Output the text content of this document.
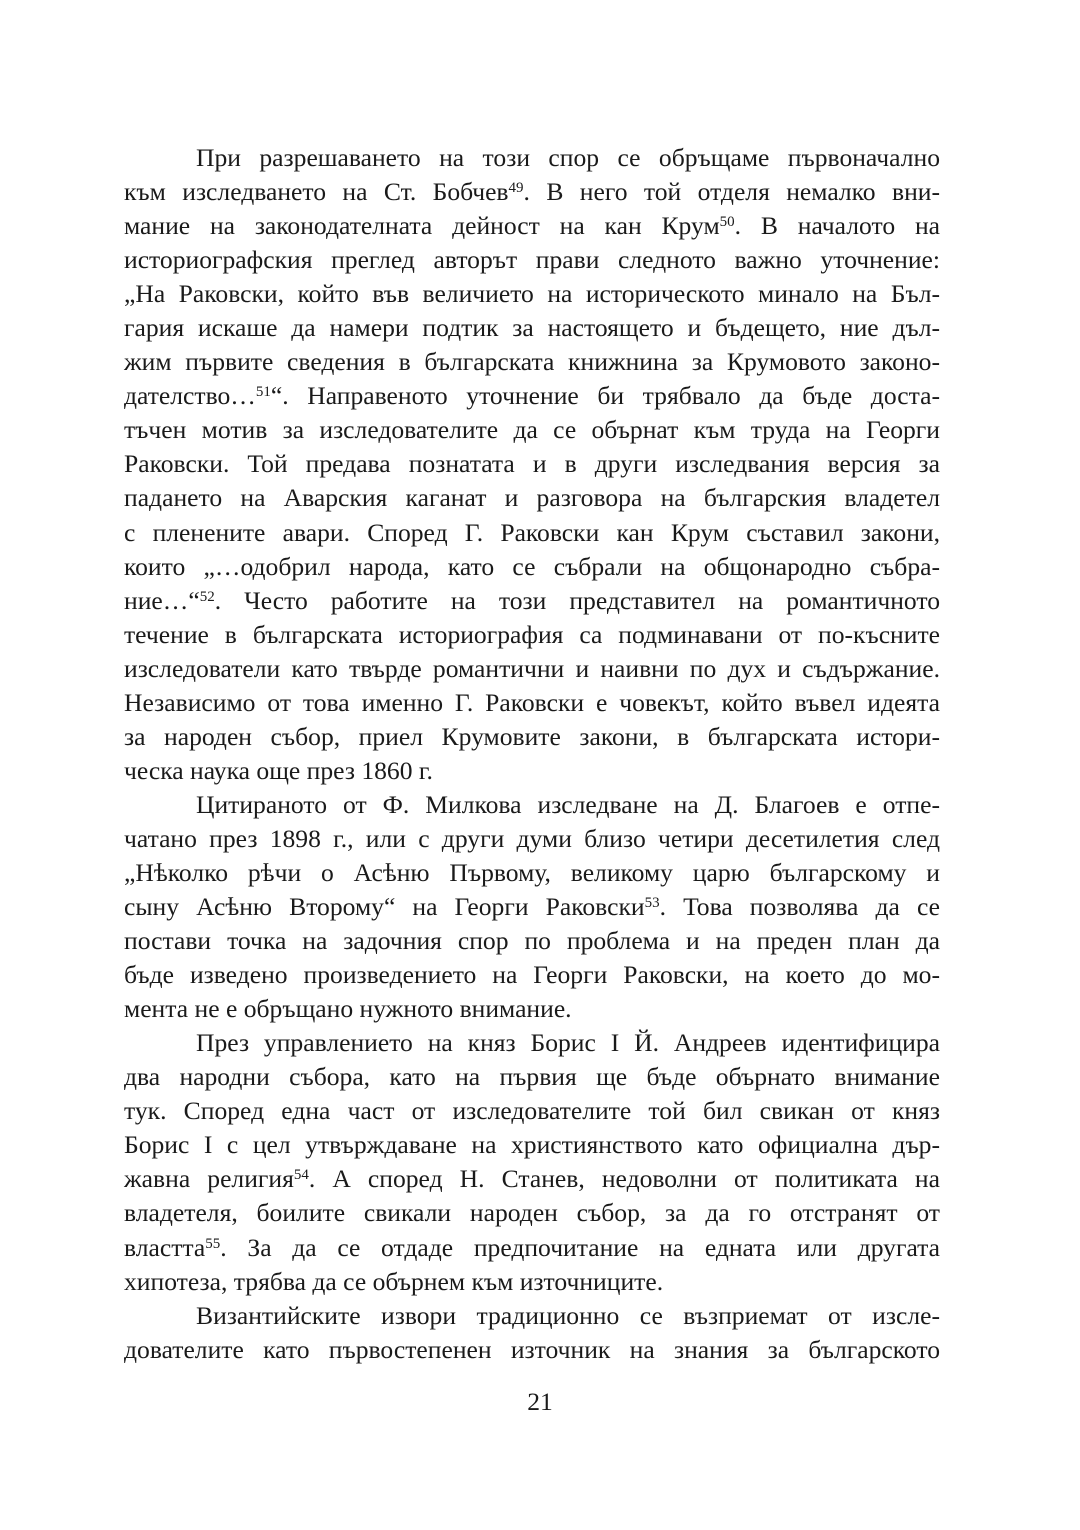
При разрешаването на този спор се обръщаме първоначално
към изследването на Ст. Бобчев$^{49}$. В него той отделя немалко вни-
мание на законодателната дейност на кан Крум$^{50}$. В началото на
историографския преглед авторът прави следното важно уточнение:
„На Раковски, който във величието на историческото минало на Бъл-
гария искаше да намери подтик за настоящето и бъдещето, ние дъл-
жим първите сведения в българската книжнина за Крумовото законо-
дателство…$^{51}$“. Направеното уточнение би трябвало да бъде доста-
тъчен мотив за изследователите да се обърнат към труда на Георги
Раковски. Той предава познатата и в други изследвания версия за
падането на Аварския каганат и разговора на българския владетел
с пленените авари. Според Г. Раковски кан Крум съставил закони,
които „…одобрил народа, като се събрали на общонародно събра-
ние…“$^{52}$. Често работите на този представител на романтичното
течение в българската историография са подминавани от по-късните
изследователи като твърде романтични и наивни по дух и съдържание.
Независимо от това именно Г. Раковски е човекът, който въвел идеята
за народен събор, приел Крумовите закони, в българската истори-
ческа наука още през 1860 г.
Цитираното от Ф. Милкова изследване на Д. Благоев е отпе-
чатано през 1898 г., или с други думи близо четири десетилетия след
„Нѣколко рѣчи о Асѣню Първому, великому царю българскому и
сыну Асѣню Второму“ на Георги Раковски$^{53}$. Това позволява да се
постави точка на задочния спор по проблема и на преден план да
бъде изведено произведението на Георги Раковски, на което до мо-
мента не е обръщано нужното внимание.
През управлението на княз Борис I Й. Андреев идентифицира
два народни събора, като на първия ще бъде обърнато внимание
тук. Според една част от изследователите той бил свикан от княз
Борис I с цел утвърждаване на християнството като официална дър-
жавна религия$^{54}$. А според Н. Станев, недоволни от политиката на
владетеля, боилите свикали народен събор, за да го отстранят от
властта$^{55}$. За да се отдаде предпочитание на едната или другата
хипотеза, трябва да се обърнем към източниците.
Византийските извори традиционно се възприемат от изсле-
дователите като първостепенен източник на знания за българското
21
